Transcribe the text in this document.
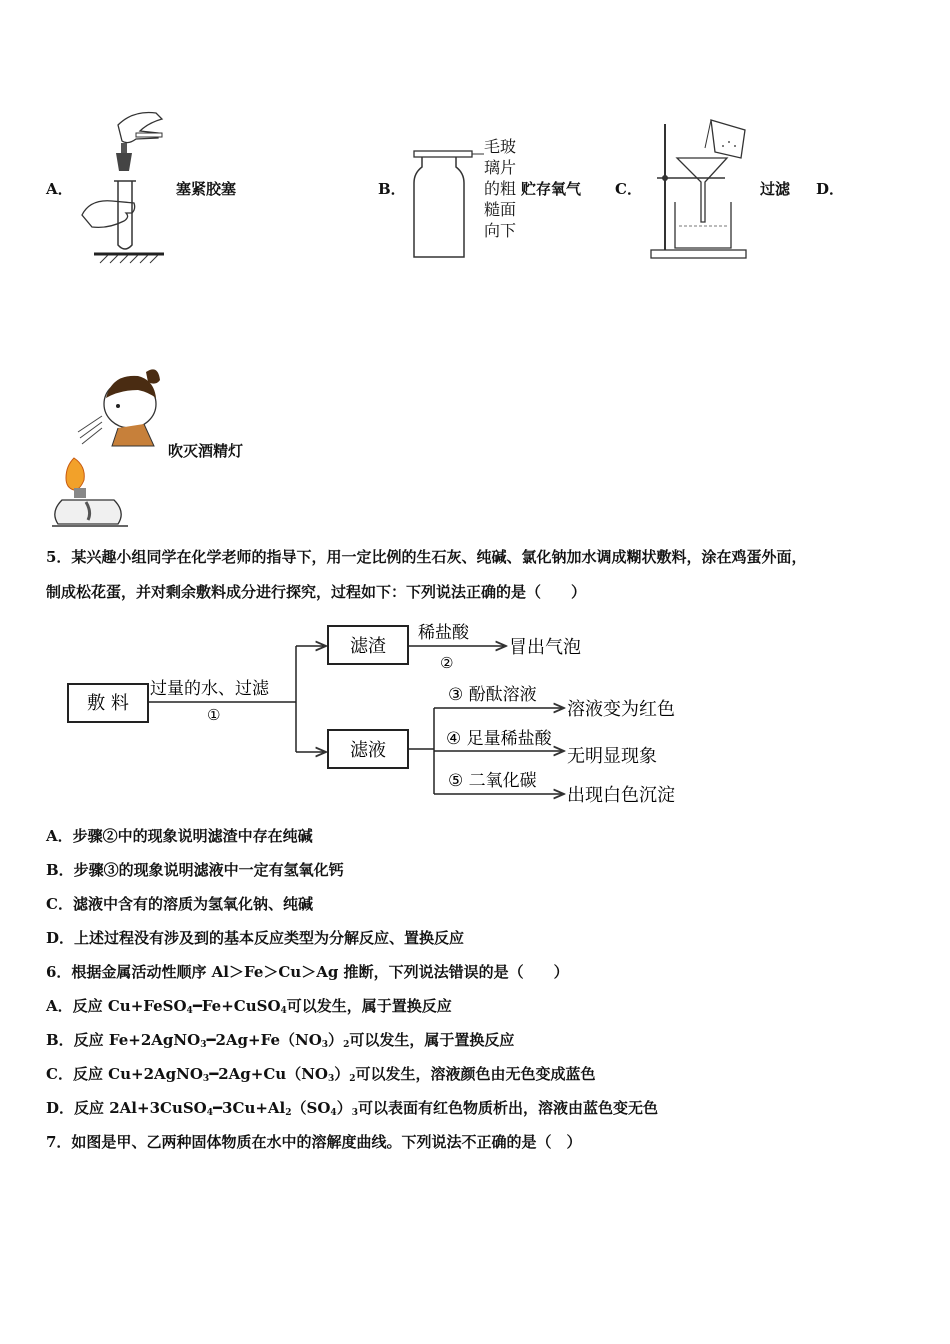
A．	塞紧胶塞	B．
毛玻
璃片
的粗
糙面
向下
贮存氧气 C．	过滤 D．
吹灭酒精灯
5．某兴趣小组同学在化学老师的指导下，用一定比例的生石灰、纯碱、氯化钠加水调成糊状敷料，涂在鸡蛋外面，
制成松花蛋，并对剩余敷料成分进行探究，过程如下：下列说法正确的是（　　）
敷 料
过量的水、过滤
①
滤渣
稀盐酸
②
冒出气泡
滤液
③ 酚酞溶液
溶液变为红色
④ 足量稀盐酸
无明显现象
⑤ 二氧化碳
出现白色沉淀
A．步骤②中的现象说明滤渣中存在纯碱
B．步骤③的现象说明滤液中一定有氢氧化钙
C．滤液中含有的溶质为氢氧化钠、纯碱
D．上述过程没有涉及到的基本反应类型为分解反应、置换反应
6．根据金属活动性顺序 Al＞Fe＞Cu＞Ag 推断，下列说法错误的是（　　）
A．反应 Cu+FeSO$_4$━Fe+CuSO$_4$可以发生，属于置换反应
B．反应 $Fe+2AgNO_3━2Ag+Fe(NO_3)_2$可以发生，属于置换反应
C．反应 $Cu+2AgNO_3━2Ag+Cu(NO_3)_2$可以发生，溶液颜色由无色变成蓝色
D．反应 $2Al+3CuSO_4━3Cu+Al_2(SO_4)_3$可以表面有红色物质析出，溶液由蓝色变无色
7．如图是甲、乙两种固体物质在水中的溶解度曲线。下列说法不正确的是（　）
